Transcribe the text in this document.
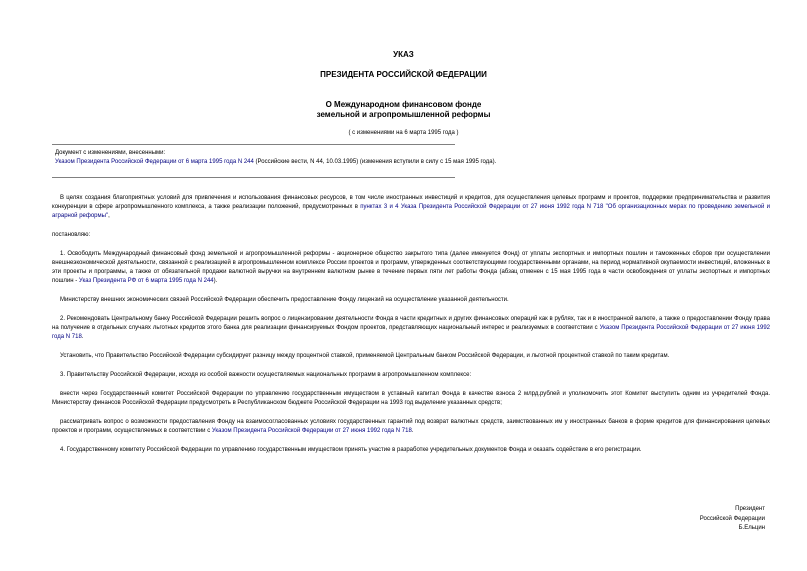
УКАЗ
ПРЕЗИДЕНТА РОССИЙСКОЙ ФЕДЕРАЦИИ
О Международном финансовом фонде
земельной и агропромышленной реформы
( с изменениями на 6 марта 1995 года )
Документ с изменениями, внесенными:
Указом Президента Российской Федерации от 6 марта 1995 года N 244 (Российские вести, N 44, 10.03.1995) (изменения вступили в силу с 15 мая 1995 года).

В целях создания благоприятных условий для привлечения и использования финансовых ресурсов, в том числе иностранных инвестиций и кредитов, для осуществления целевых программ и проектов, поддержки предпринимательства и развития конкуренции в сфере агропромышленного комплекса, а также реализации положений, предусмотренных в пунктах 3 и 4 Указа Президента Российской Федерации от 27 июня 1992 года N 718 "Об организационных мерах по проведению земельной и аграрной реформы",

постановляю:

1. Освободить Международный финансовый фонд земельной и агропромышленной реформы - акционерное общество закрытого типа (далее именуется Фонд) от уплаты экспортных и импортных пошлин и таможенных сборов при осуществлении внешнеэкономической деятельности, связанной с реализацией в агропромышленном комплексе России проектов и программ, утвержденных соответствующими государственными органами, на период нормативной окупаемости инвестиций, вложенных в эти проекты и программы, а также от обязательной продажи валютной выручки на внутреннем валютном рынке в течение первых пяти лет работы Фонда (абзац отменен с 15 мая 1995 года в части освобождения от уплаты экспортных и импортных пошлин - Указ Президента РФ от 6 марта 1995 года N 244).

Министерству внешних экономических связей Российской Федерации обеспечить предоставление Фонду лицензий на осуществление указанной деятельности.

2. Рекомендовать Центральному банку Российской Федерации решить вопрос о лицензировании деятельности Фонда в части кредитных и других финансовых операций как в рублях, так и в иностранной валюте, а также о предоставлении Фонду права на получение в отдельных случаях льготных кредитов этого банка для реализации финансируемых Фондом проектов, представляющих национальный интерес и реализуемых в соответствии с Указом Президента Российской Федерации от 27 июня 1992 года N 718.

Установить, что Правительство Российской Федерации субсидирует разницу между процентной ставкой, применяемой Центральным банком Российской Федерации, и льготной процентной ставкой по таким кредитам.

3. Правительству Российской Федерации, исходя из особой важности осуществляемых национальных программ в агропромышленном комплексе:

внести через Государственный комитет Российской Федерации по управлению государственным имуществом в уставный капитал Фонда в качестве взноса 2 млрд.рублей и уполномочить этот Комитет выступить одним из учредителей Фонда. Министерству финансов Российской Федерации предусмотреть в Республиканском бюджете Российской Федерации на 1993 год выделение указанных средств;

рассматривать вопрос о возможности предоставления Фонду на взаимосогласованных условиях государственных гарантий под возврат валютных средств, заимствованных им у иностранных банков в форме кредитов для финансирования целевых проектов и программ, осуществляемых в соответствии с Указом Президента Российской Федерации от 27 июня 1992 года N 718.

4. Государственному комитету Российской Федерации по управлению государственным имуществом принять участие в разработке учредительных документов Фонда и оказать содействие в его регистрации.

Президент
Российской Федерации
Б.Ельцин
